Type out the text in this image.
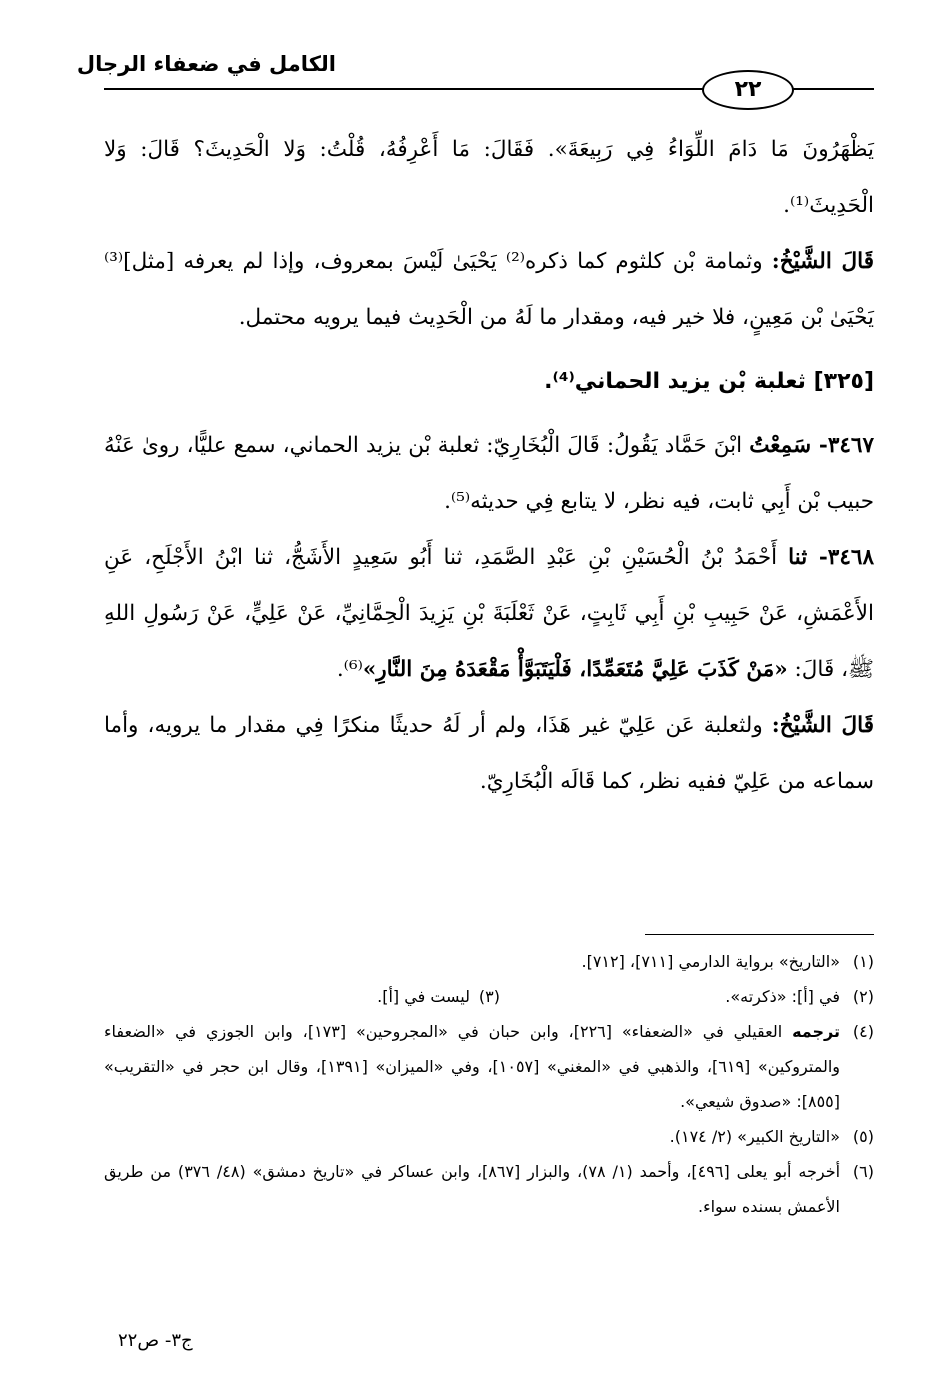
الكامل في ضعفاء الرجال
٢٢

يَظْهَرُونَ مَا دَامَ اللِّوَاءُ فِي رَبِيعَةَ». فَقَالَ: مَا أَعْرِفُهُ، قُلْتُ: وَلا الْحَدِيثَ؟ قَالَ: وَلا الْحَدِيثَ⁽¹⁾.

قَالَ الشَّيْخُ: وثمامة بْن كلثوم كما ذكره⁽²⁾ يَحْيَىٰ لَيْسَ بمعروف، وإذا لم يعرفه [مثل]⁽³⁾ يَحْيَىٰ بْن مَعِينٍ، فلا خير فيه، ومقدار ما لَهُ من الْحَدِيث فيما يرويه محتمل.

[٣٢٥] ثعلبة بْن يزيد الحماني⁽⁴⁾.

٣٤٦٧- سَمِعْتُ ابْنَ حَمَّاد يَقُولُ: قَالَ الْبُخَارِيّ: ثعلبة بْن يزيد الحماني، سمع عليًّا، روىٰ عَنْهُ حبيب بْن أَبِي ثابت، فيه نظر، لا يتابع فِي حديثه⁽⁵⁾.

٣٤٦٨- ثنا أَحْمَدُ بْنُ الْحُسَيْنِ بْنِ عَبْدِ الصَّمَدِ، ثنا أَبُو سَعِيدٍ الأَشَجُّ، ثنا ابْنُ الأَجْلَحِ، عَنِ الأَعْمَشِ، عَنْ حَبِيبِ بْنِ أَبِي ثَابِتٍ، عَنْ ثَعْلَبَةَ بْنِ يَزِيدَ الْحِمَّانِيِّ، عَنْ عَلِيٍّ، عَنْ رَسُولِ اللهِ ﷺ، قَالَ: «مَنْ كَذَبَ عَلِيَّ مُتَعَمِّدًا، فَلْيَتَبَوَّأْ مَقْعَدَهُ مِنَ النَّارِ»⁽⁶⁾.

قَالَ الشَّيْخُ: ولثعلبة عَن عَلِيّ غير هَذَا، ولم أر لَهُ حديثًا منكرًا فِي مقدار ما يرويه، وأما سماعه من عَلِيّ ففيه نظر، كما قَالَه الْبُخَارِيّ.

(١)
«التاريخ» برواية الدارمي [٧١١]، [٧١٢].

(٢)
في [أ]: «ذكرته».
(٣)
ليست في [أ].

(٤)
ترجمه العقيلي في «الضعفاء» [٢٢٦]، وابن حبان في «المجروحين» [١٧٣]، وابن الجوزي في «الضعفاء والمتروكين» [٦١٩]، والذهبي في «المغني» [١٠٥٧]، وفي «الميزان» [١٣٩١]، وقال ابن حجر في «التقريب» [٨٥٥]: «صدوق شيعي».

(٥)
«التاريخ الكبير» (٢/ ١٧٤).

(٦)
أخرجه أبو يعلى [٤٩٦]، وأحمد (١/ ٧٨)، والبزار [٨٦٧]، وابن عساكر في «تاريخ دمشق» (٤٨/ ٣٧٦) من طريق الأعمش بسنده سواء.

ج٣- ص٢٢
